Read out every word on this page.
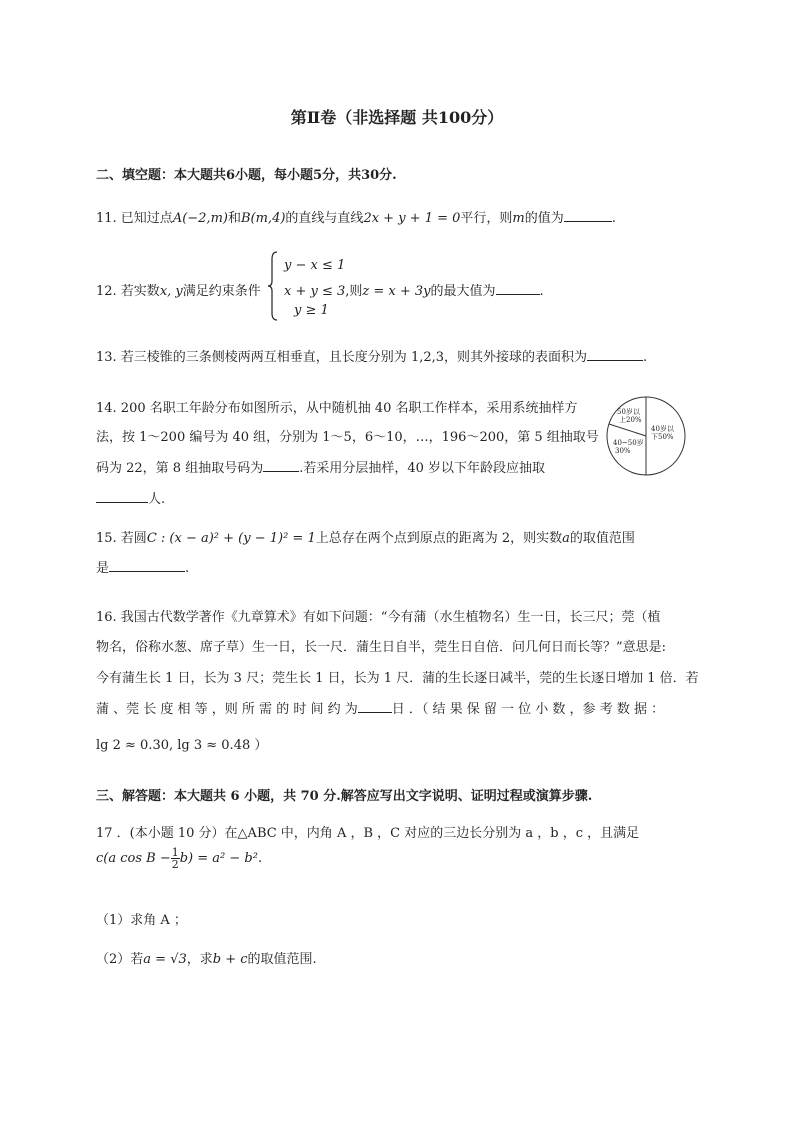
第Ⅱ卷（非选择题 共100分）
二、填空题：本大题共6小题，每小题5分，共30分.
11. 已知过点A(−2,m)和B(m,4)的直线与直线2x + y + 1 = 0平行，则m的值为	.
12. 若实数x, y满足约束条件
y − x ≤ 1
x + y ≤ 3,则z = x + 3y的最大值为	.
y ≥ 1
13. 若三棱锥的三条侧棱两两互相垂直，且长度分别为 1,2,3，则其外接球的表面积为	.
14. 200 名职工年龄分布如图所示，从中随机抽 40 名职工作样本，采用系统抽样方
法，按 1～200 编号为 40 组，分别为 1～5，6～10，…，196～200，第 5 组抽取号
码为 22，第 8 组抽取号码为	.若采用分层抽样，40 岁以下年龄段应抽取
人.
50岁以
上20%
40岁以
下50%
40~50岁
30%
15. 若圆C : (x − a)² + (y − 1)² = 1上总存在两个点到原点的距离为 2，则实数a的取值范围
是	.
16. 我国古代数学著作《九章算术》有如下问题：“今有蒲（水生植物名）生一日，长三尺；莞（植
物名，俗称水葱、席子草）生一日，长一尺．蒲生日自半，莞生日自倍．问几何日而长等？”意思是:
今有蒲生长 1 日，长为 3 尺；莞生长 1 日，长为 1 尺．蒲的生长逐日减半，莞的生长逐日增加 1 倍．若
蒲 、莞 长 度 相 等 ，则 所 需 的 时 间 约 为	日 ．（ 结 果 保 留 一 位 小 数 ，参 考 数 据 ：
lg 2 ≈ 0.30, lg 3 ≈ 0.48 ）
三、解答题：本大题共 6 小题，共 70 分.解答应写出文字说明、证明过程或演算步骤.
17 ．(本小题 10 分）在△ABC 中，内角 A ，B ，C 对应的三边长分别为 a ，b ，c ，且满足
c(a $\cos B - \frac{1}{2} b) = a^2 - b^2$.
（1）求角 A ；
（2）若a = √3，求b + c的取值范围.
